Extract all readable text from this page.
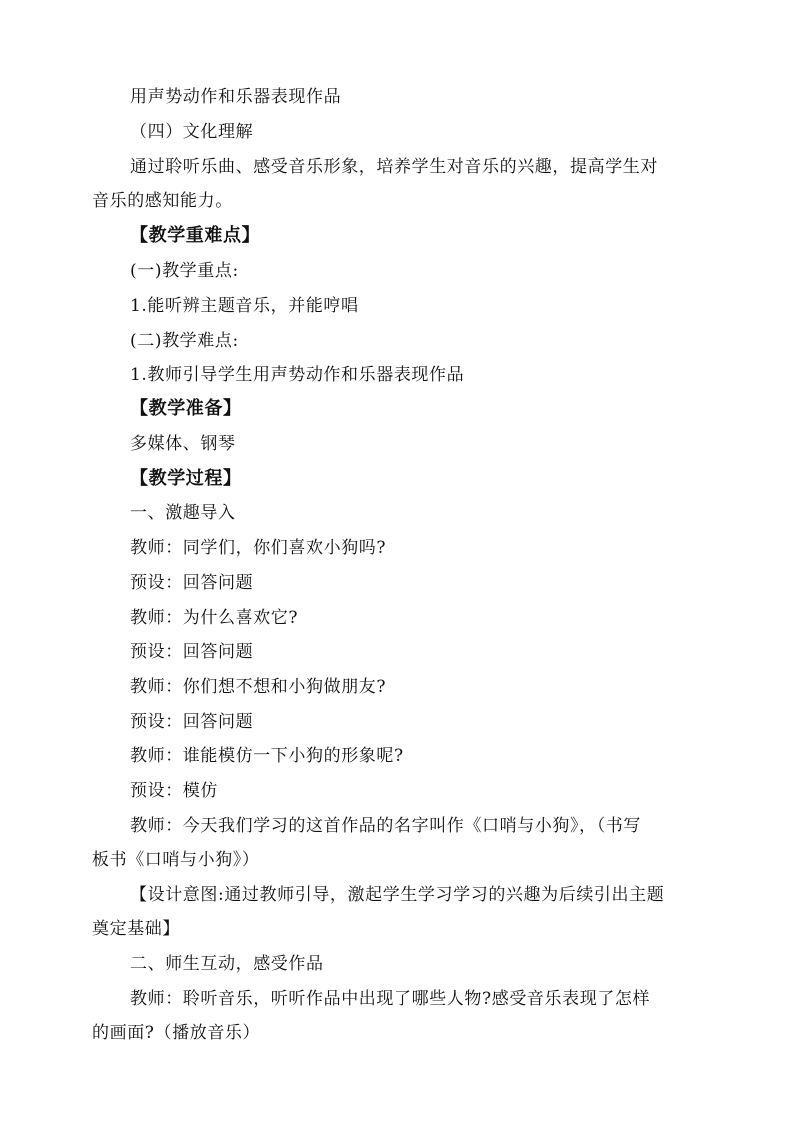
用声势动作和乐器表现作品
（四）文化理解
通过聆听乐曲、感受音乐形象，培养学生对音乐的兴趣，提高学生对
音乐的感知能力。
【教学重难点】
(一)教学重点:
1.能听辨主题音乐，并能哼唱
(二)教学难点:
1.教师引导学生用声势动作和乐器表现作品
【教学准备】
多媒体、钢琴
【教学过程】
一、激趣导入
教师：同学们，你们喜欢小狗吗?
预设：回答问题
教师：为什么喜欢它?
预设：回答问题
教师：你们想不想和小狗做朋友?
预设：回答问题
教师：谁能模仿一下小狗的形象呢?
预设：模仿
教师：今天我们学习的这首作品的名字叫作《口哨与小狗》，（书写
板书《口哨与小狗》）
【设计意图:通过教师引导，激起学生学习学习的兴趣为后续引出主题
奠定基础】
二、师生互动，感受作品
教师：聆听音乐，听听作品中出现了哪些人物?感受音乐表现了怎样
的画面?（播放音乐）
